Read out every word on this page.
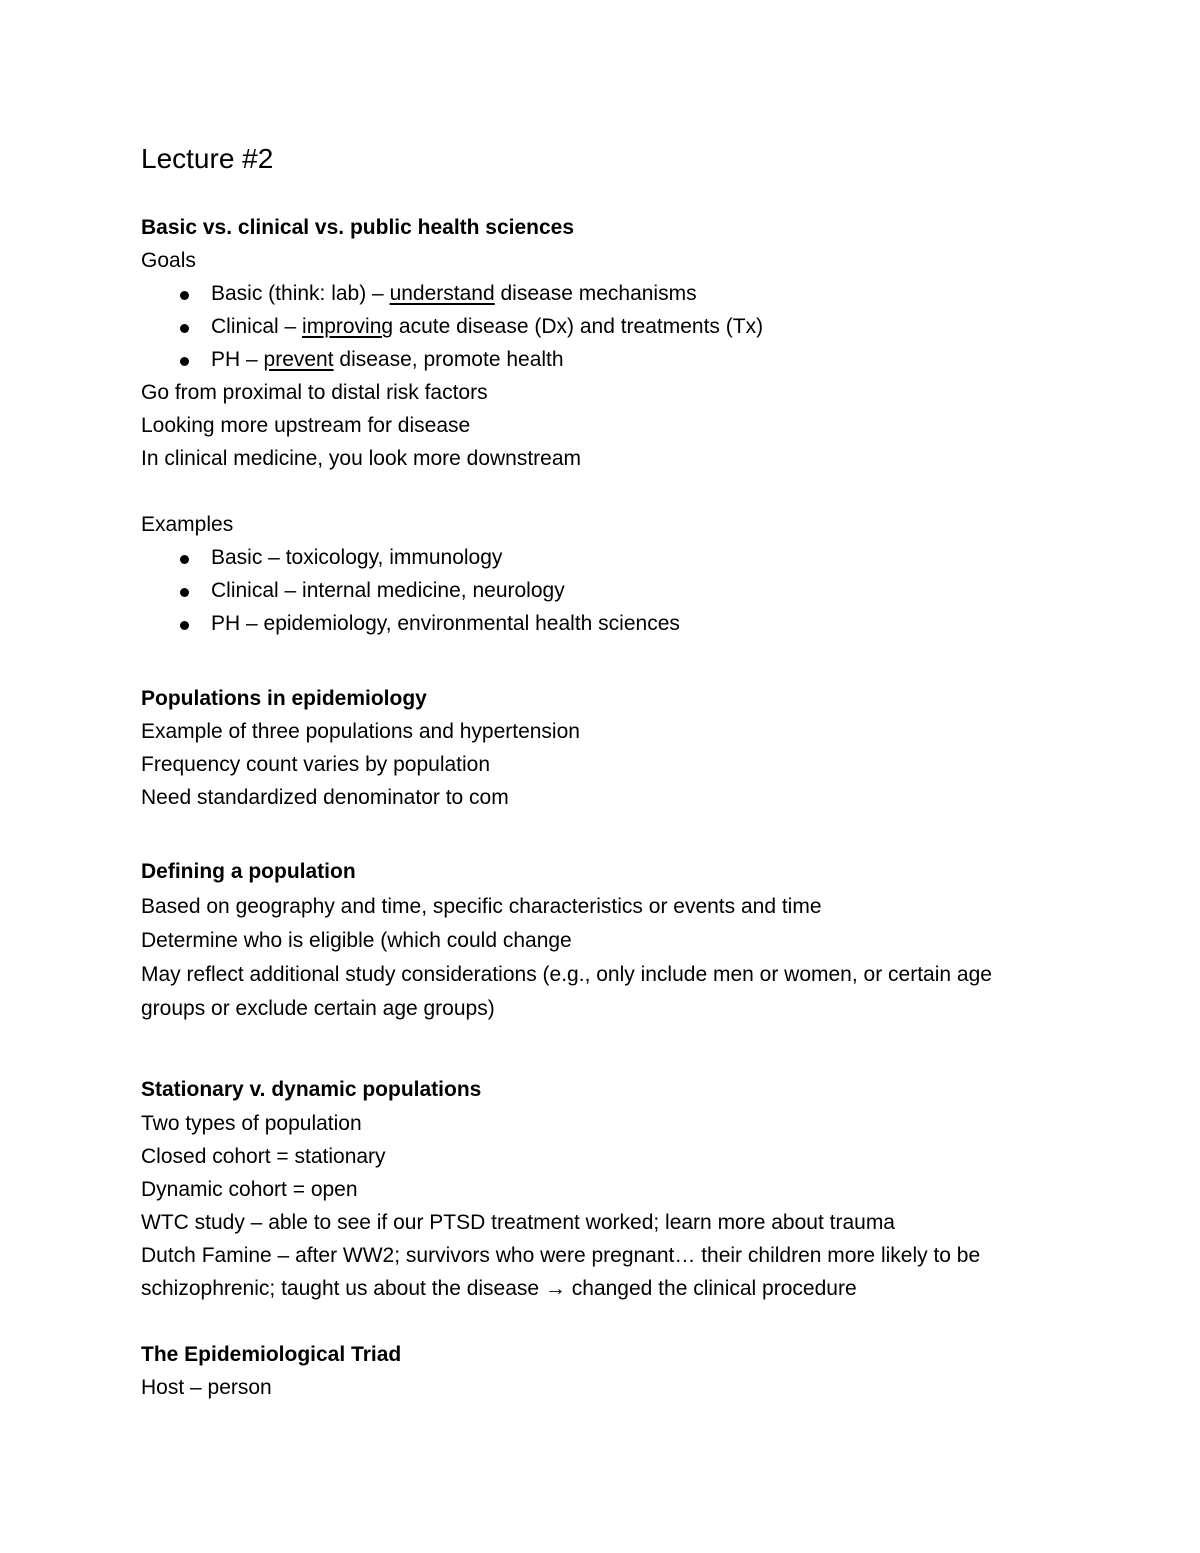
Lecture #2
Basic vs. clinical vs. public health sciences
Goals
Basic (think: lab) – understand disease mechanisms
Clinical – improving acute disease (Dx) and treatments (Tx)
PH – prevent disease, promote health
Go from proximal to distal risk factors
Looking more upstream for disease
In clinical medicine, you look more downstream
Examples
Basic – toxicology, immunology
Clinical – internal medicine, neurology
PH – epidemiology, environmental health sciences
Populations in epidemiology
Example of three populations and hypertension
Frequency count varies by population
Need standardized denominator to com
Defining a population
Based on geography and time, specific characteristics or events and time
Determine who is eligible (which could change
May reflect additional study considerations (e.g., only include men or women, or certain age
groups or exclude certain age groups)
Stationary v. dynamic populations
Two types of population
Closed cohort = stationary
Dynamic cohort = open
WTC study – able to see if our PTSD treatment worked; learn more about trauma
Dutch Famine – after WW2; survivors who were pregnant… their children more likely to be
schizophrenic; taught us about the disease → changed the clinical procedure
The Epidemiological Triad
Host – person
